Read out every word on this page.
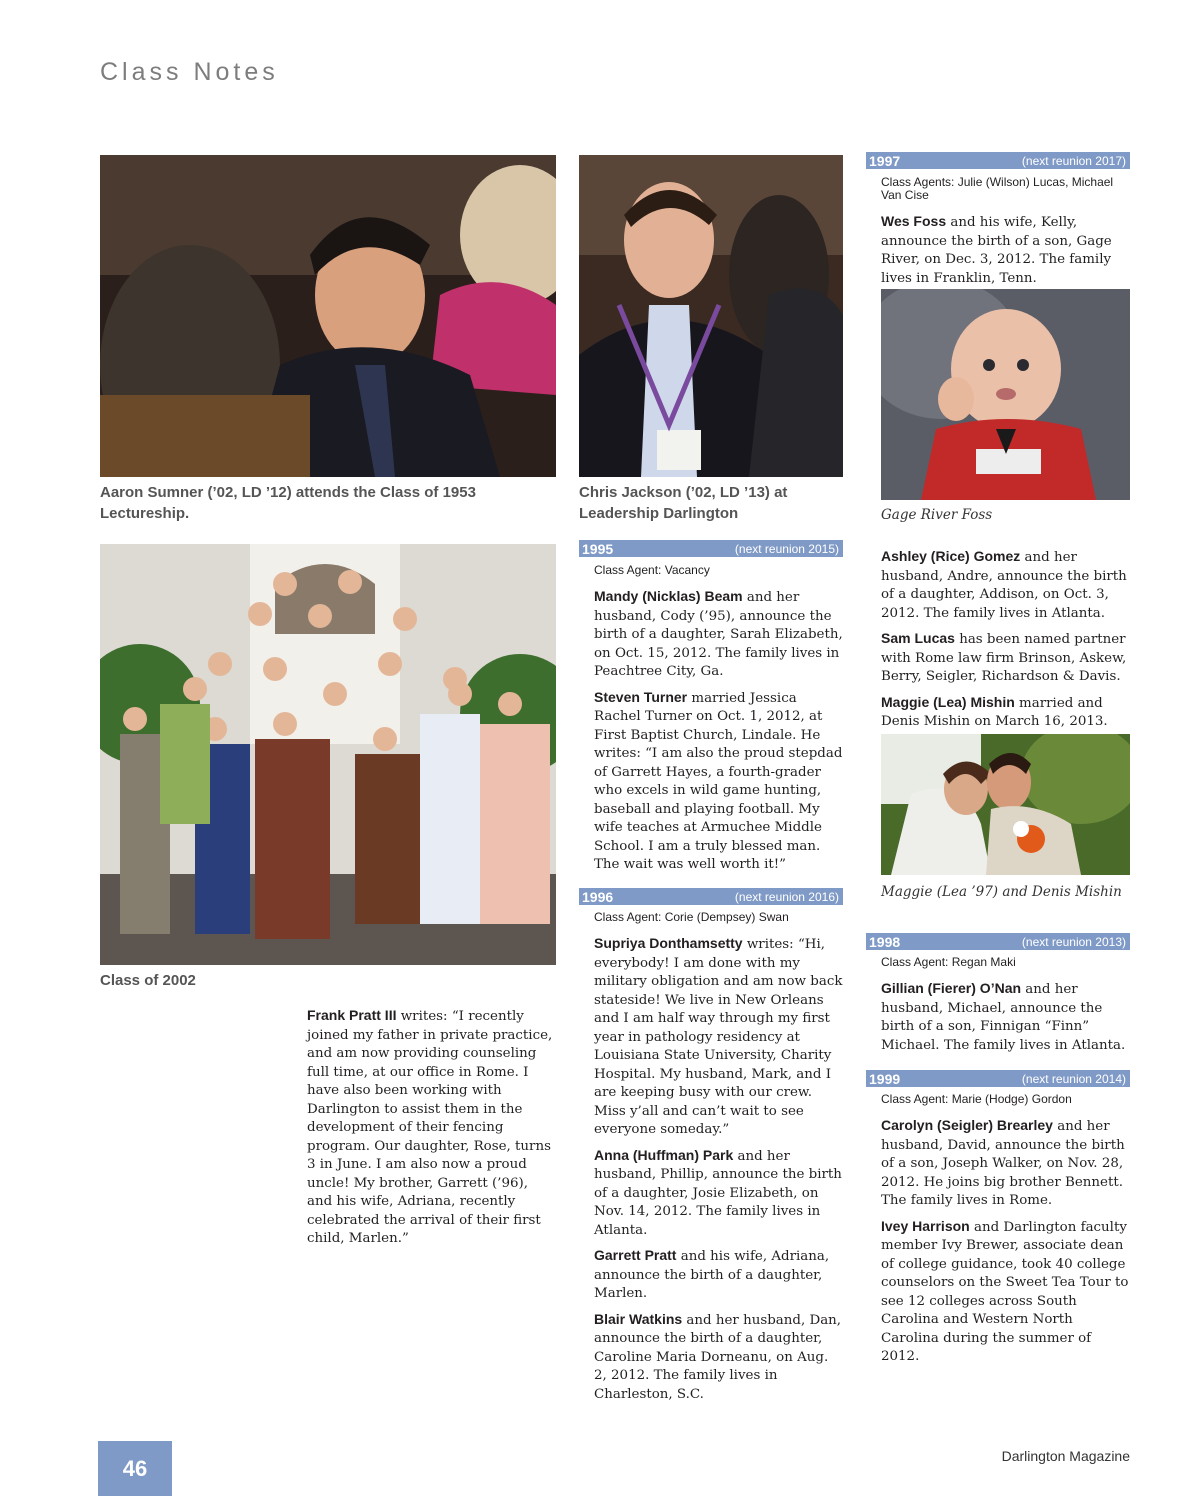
Class Notes
Aaron Sumner (’02, LD ’12) attends the Class of 1953 Lectureship.
Chris Jackson (’02, LD ’13) at Leadership Darlington
Class of 2002
Frank Pratt III writes: “I recently joined my father in private practice, and am now providing counseling full time, at our office in Rome. I have also been working with Darlington to assist them in the development of their fencing program. Our daughter, Rose, turns 3 in June. I am also now a proud uncle! My brother, Garrett (’96), and his wife, Adriana, recently celebrated the arrival of their first child, Marlen.”
1995	(next reunion 2015)
Class Agent: Vacancy
Mandy (Nicklas) Beam and her husband, Cody (’95), announce the birth of a daughter, Sarah Elizabeth, on Oct. 15, 2012. The family lives in Peachtree City, Ga.
Steven Turner married Jessica Rachel Turner on Oct. 1, 2012, at First Baptist Church, Lindale. He writes: “I am also the proud stepdad of Garrett Hayes, a fourth-grader who excels in wild game hunting, baseball and playing football. My wife teaches at Armuchee Middle School. I am a truly blessed man. The wait was well worth it!”
1996	(next reunion 2016)
Class Agent: Corie (Dempsey) Swan
Supriya Donthamsetty writes: “Hi, everybody! I am done with my military obligation and am now back stateside! We live in New Orleans and I am half way through my first year in pathology residency at Louisiana State University, Charity Hospital. My husband, Mark, and I are keeping busy with our crew. Miss y’all and can’t wait to see everyone someday.”
Anna (Huffman) Park and her husband, Phillip, announce the birth of a daughter, Josie Elizabeth, on Nov. 14, 2012. The family lives in Atlanta.
Garrett Pratt and his wife, Adriana, announce the birth of a daughter, Marlen.
Blair Watkins and her husband, Dan, announce the birth of a daughter, Caroline Maria Dorneanu, on Aug. 2, 2012. The family lives in Charleston, S.C.
1997	(next reunion 2017)
Class Agents: Julie (Wilson) Lucas, Michael Van Cise
Wes Foss and his wife, Kelly, announce the birth of a son, Gage River, on Dec. 3, 2012. The family lives in Franklin, Tenn.
Gage River Foss
Ashley (Rice) Gomez and her husband, Andre, announce the birth of a daughter, Addison, on Oct. 3, 2012. The family lives in Atlanta.
Sam Lucas has been named partner with Rome law firm Brinson, Askew, Berry, Seigler, Richardson & Davis.
Maggie (Lea) Mishin married and Denis Mishin on March 16, 2013.
Maggie (Lea ’97) and Denis Mishin
1998	(next reunion 2013)
Class Agent: Regan Maki
Gillian (Fierer) O’Nan and her husband, Michael, announce the birth of a son, Finnigan “Finn” Michael. The family lives in Atlanta.
1999	(next reunion 2014)
Class Agent: Marie (Hodge) Gordon
Carolyn (Seigler) Brearley and her husband, David, announce the birth of a son, Joseph Walker, on Nov. 28, 2012. He joins big brother Bennett. The family lives in Rome.
Ivey Harrison and Darlington faculty member Ivy Brewer, associate dean of college guidance, took 40 college counselors on the Sweet Tea Tour to see 12 colleges across South Carolina and Western North Carolina during the summer of 2012.
46	Darlington Magazine
